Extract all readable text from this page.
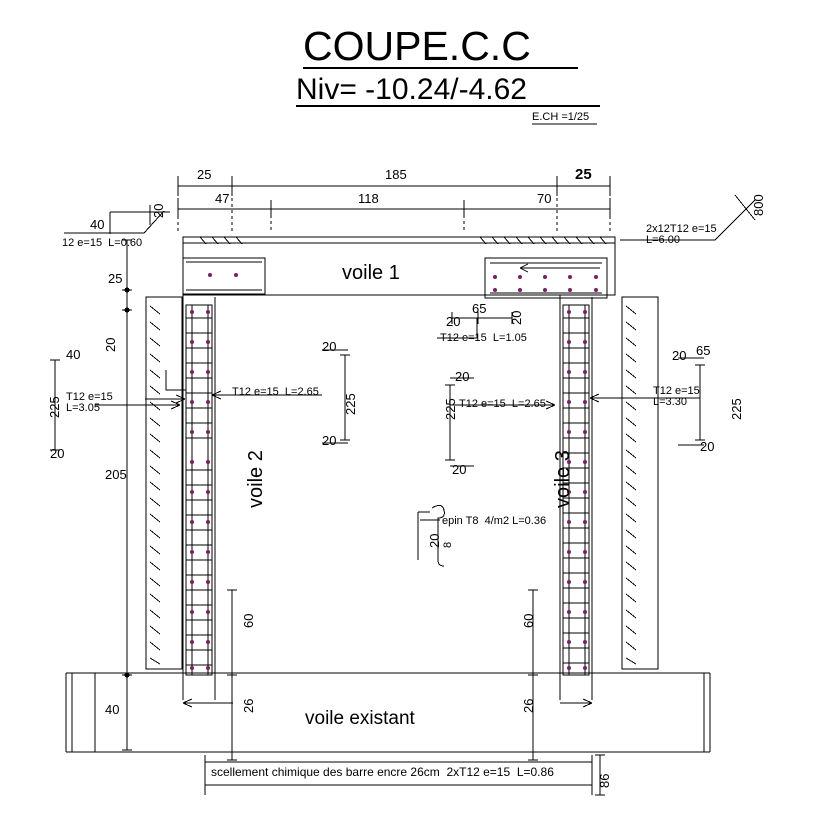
COUPE.C.C
Niv= -10.24/-4.62
E.CH =1/25
25	185	25
47	118	70
40
20
12 e=15  L=0.60
25
205
40
40
20
225
20
T12 e=15
L=3.05
voile 1
voile 2	voile 3
voile existant
20
225
20
T12 e=15  L=2.65
2x12T12 e=15
L=6.00
800
20
65
20
T12 e=15  L=1.05
20
225
20
T12 e=15  L=2.65
20 65
225
20
T12 e=15
L=3.30
epin T8  4/m2 L=0.36
20 8
60
26
60
26
scellement chimique des barre encre 26cm  2xT12 e=15  L=0.86
86
